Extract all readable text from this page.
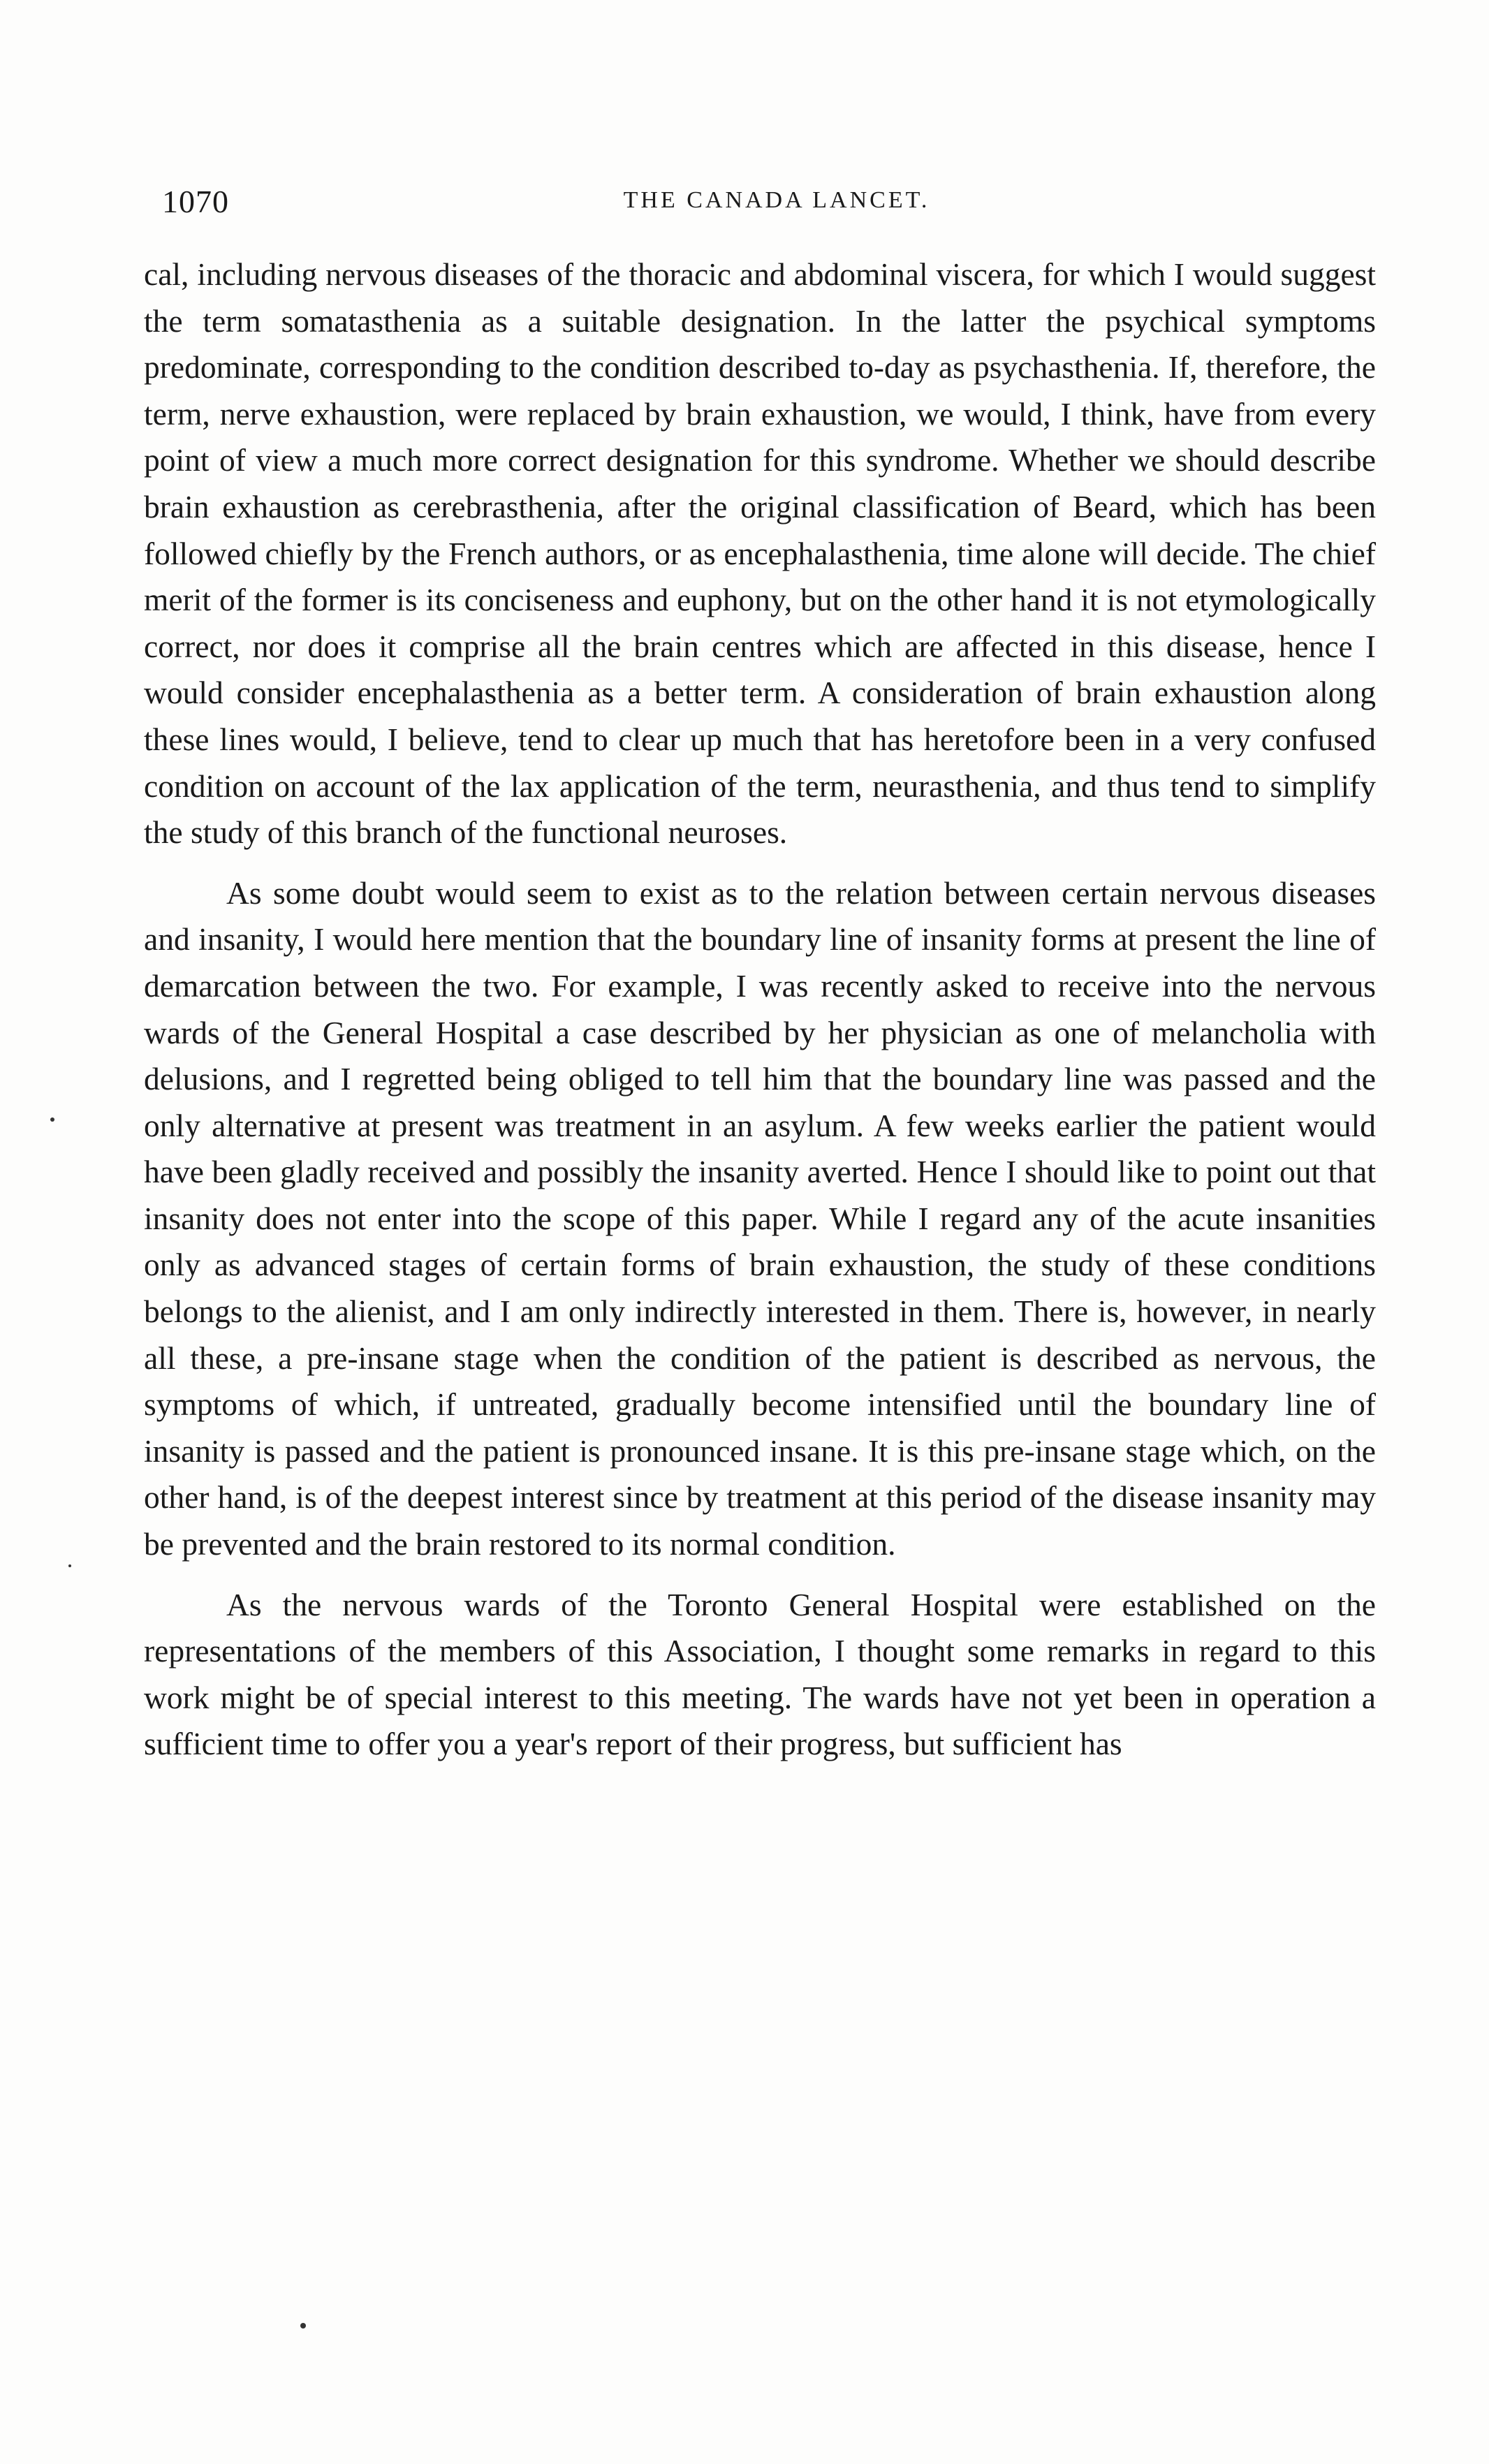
1070	THE CANADA LANCET.

cal, including nervous diseases of the thoracic and abdominal viscera, for which I would suggest the term somatasthenia as a suitable designation. In the latter the psychical symptoms predominate, corresponding to the condition described to-day as psychasthenia. If, therefore, the term, nerve exhaustion, were replaced by brain exhaustion, we would, I think, have from every point of view a much more correct designation for this syndrome. Whether we should describe brain exhaustion as cerebrasthenia, after the original classification of Beard, which has been followed chiefly by the French authors, or as encephalasthenia, time alone will decide. The chief merit of the former is its conciseness and euphony, but on the other hand it is not etymologically correct, nor does it comprise all the brain centres which are affected in this disease, hence I would consider encephalasthenia as a better term. A consideration of brain exhaustion along these lines would, I believe, tend to clear up much that has heretofore been in a very confused condition on account of the lax application of the term, neurasthenia, and thus tend to simplify the study of this branch of the functional neuroses.

As some doubt would seem to exist as to the relation between certain nervous diseases and insanity, I would here mention that the boundary line of insanity forms at present the line of demarcation between the two. For example, I was recently asked to receive into the nervous wards of the General Hospital a case described by her physician as one of melancholia with delusions, and I regretted being obliged to tell him that the boundary line was passed and the only alternative at present was treatment in an asylum. A few weeks earlier the patient would have been gladly received and possibly the insanity averted. Hence I should like to point out that insanity does not enter into the scope of this paper. While I regard any of the acute insanities only as advanced stages of certain forms of brain exhaustion, the study of these conditions belongs to the alienist, and I am only indirectly interested in them. There is, however, in nearly all these, a pre-insane stage when the condition of the patient is described as nervous, the symptoms of which, if untreated, gradually become intensified until the boundary line of insanity is passed and the patient is pronounced insane. It is this pre-insane stage which, on the other hand, is of the deepest interest since by treatment at this period of the disease insanity may be prevented and the brain restored to its normal condition.

As the nervous wards of the Toronto General Hospital were established on the representations of the members of this Association, I thought some remarks in regard to this work might be of special interest to this meeting. The wards have not yet been in operation a sufficient time to offer you a year's report of their progress, but sufficient has
